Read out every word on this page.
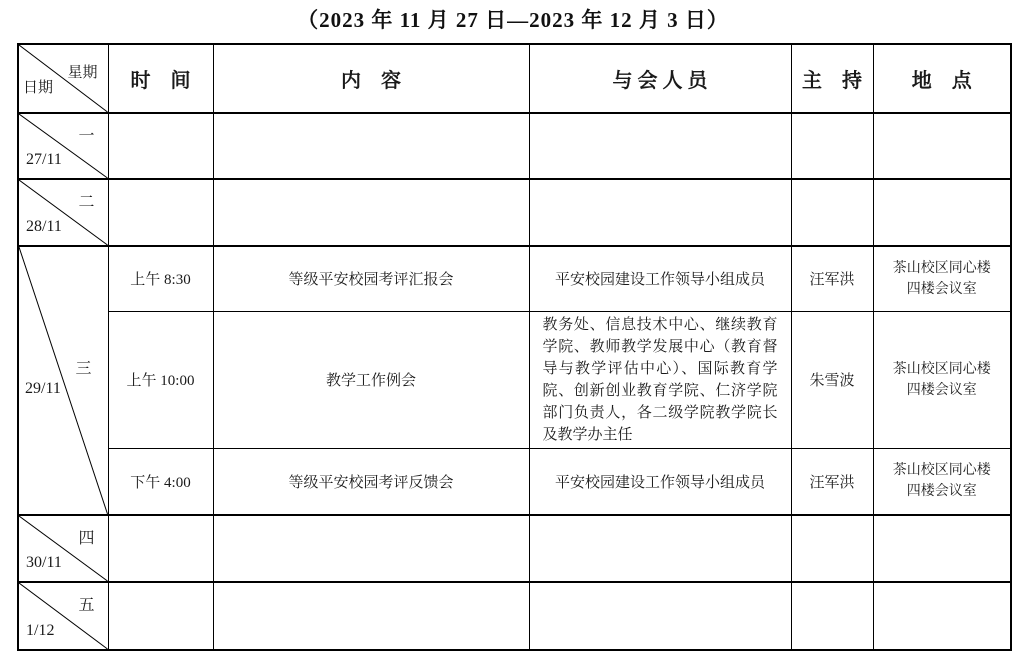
（2023 年 11 月 27 日—2023 年 12 月 3 日）
星期
日期	时　间	内　容	与 会 人 员	主　持	地　点

一
27/11					

二
28/11					

三
29/11	上午 8:30	等级平安校园考评汇报会	平安校园建设工作领导小组成员	汪军洪	茶山校区同心楼四楼会议室

	上午 10:00	教学工作例会	教务处、信息技术中心、继续教育学院、教师教学发展中心（教育督导与教学评估中心）、国际教育学院、创新创业教育学院、仁济学院部门负责人，各二级学院教学院长及教学办主任	朱雪波	茶山校区同心楼四楼会议室

	下午 4:00	等级平安校园考评反馈会	平安校园建设工作领导小组成员	汪军洪	茶山校区同心楼四楼会议室

四
30/11					

五
1/12					
